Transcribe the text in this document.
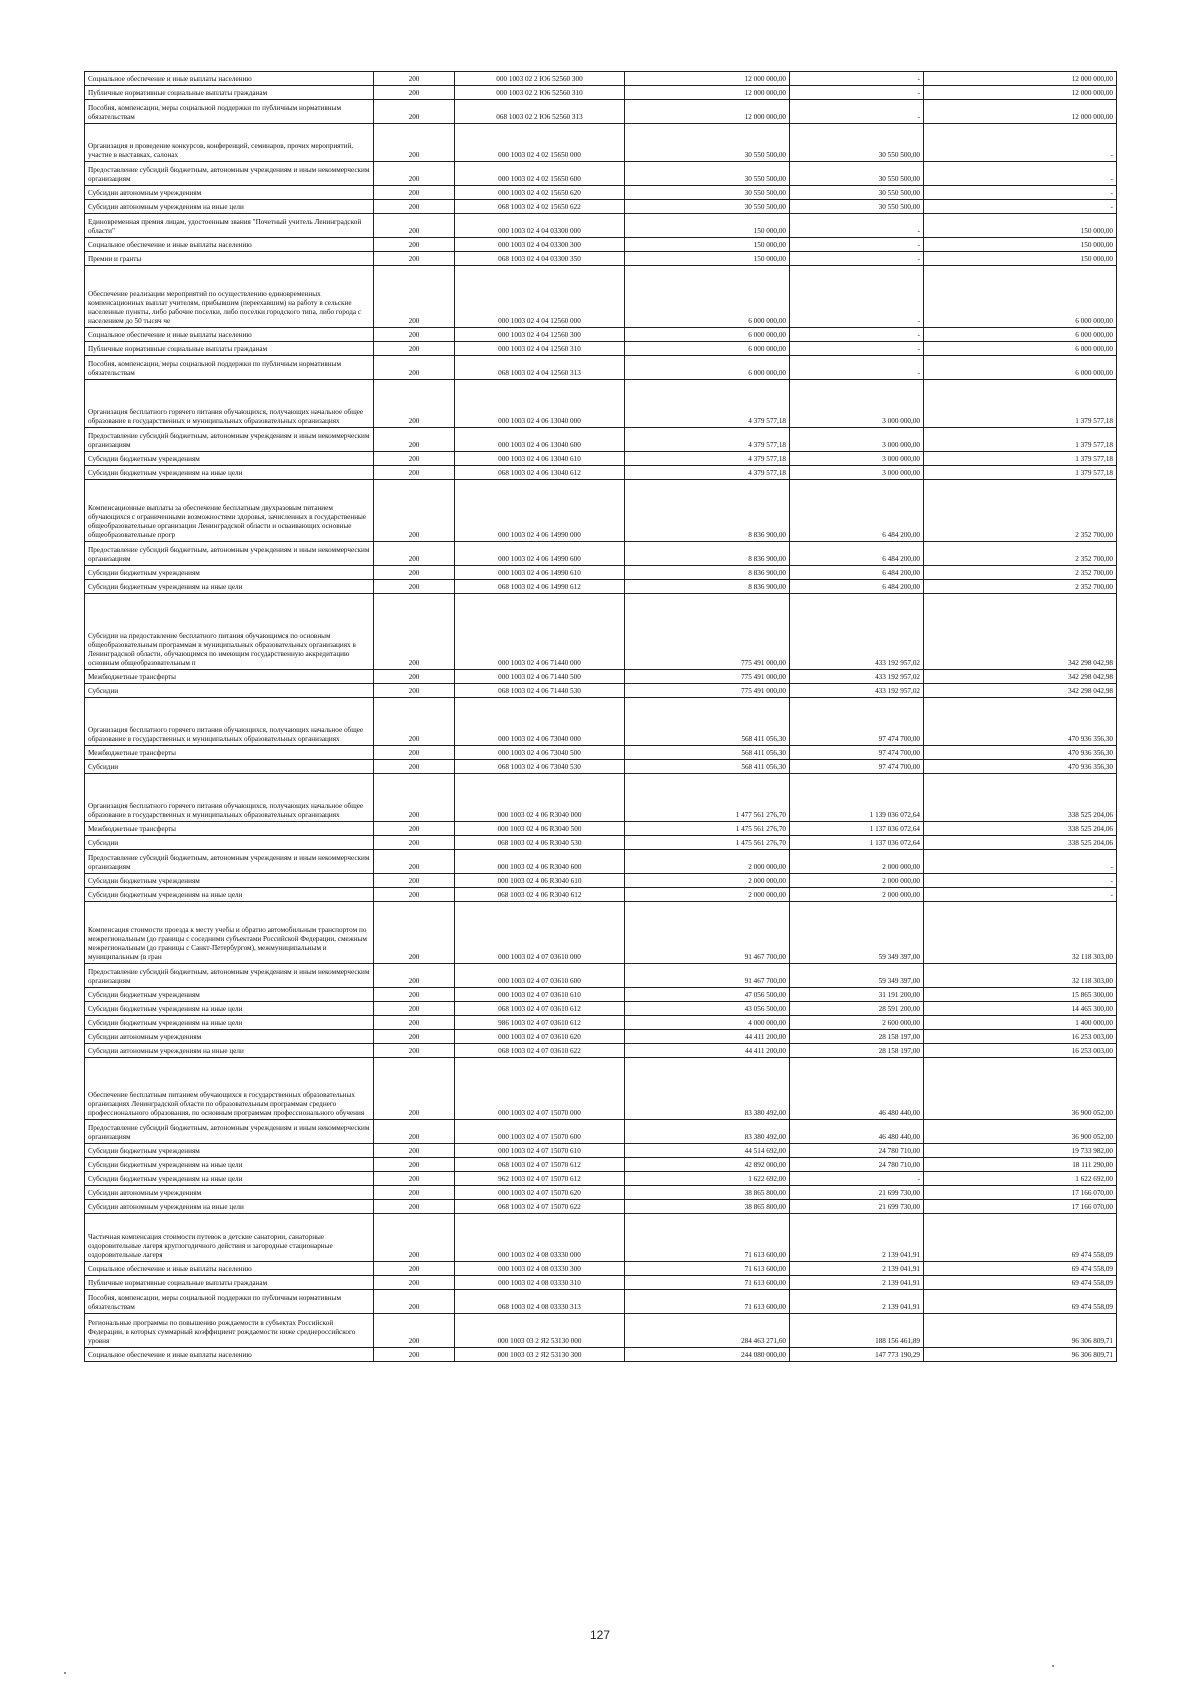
Социальное обеспечение и иные выплаты населению	200	000 1003 02 2 Ю6 52560 300	12 000 000,00	-	12 000 000,00
Публичные нормативные социальные выплаты гражданам	200	000 1003 02 2 Ю6 52560 310	12 000 000,00	-	12 000 000,00
Пособия, компенсации, меры социальной поддержки по публичным нормативным обязательствам	200	068 1003 02 2 Ю6 52560 313	12 000 000,00	-	12 000 000,00
Организация и проведение конкурсов, конференций, семинаров, прочих мероприятий, участие в выставках, салонах	200	000 1003 02 4 02 15650 000	30 550 500,00	30 550 500,00	-
Предоставление субсидий бюджетным, автономным учреждениям и иным некоммерческим организациям	200	000 1003 02 4 02 15650 600	30 550 500,00	30 550 500,00	-
Субсидии автономным учреждениям	200	000 1003 02 4 02 15650 620	30 550 500,00	30 550 500,00	-
Субсидии автономным учреждениям на иные цели	200	068 1003 02 4 02 15650 622	30 550 500,00	30 550 500,00	-
Единовременная премия лицам, удостоенным звания "Почетный учитель Ленинградской области"	200	000 1003 02 4 04 03300 000	150 000,00	-	150 000,00
Социальное обеспечение и иные выплаты населению	200	000 1003 02 4 04 03300 300	150 000,00	-	150 000,00
Премии и гранты	200	068 1003 02 4 04 03300 350	150 000,00	-	150 000,00
Обеспечение реализации мероприятий по осуществлению единовременных компенсационных выплат учителям, прибывшим (переехавшим) на работу в сельские населенные пункты, либо рабочие поселки, либо поселки городского типа, либо города с населением до 50 тысяч че	200	000 1003 02 4 04 12560 000	6 000 000,00	-	6 000 000,00
Социальное обеспечение и иные выплаты населению	200	000 1003 02 4 04 12560 300	6 000 000,00	-	6 000 000,00
Публичные нормативные социальные выплаты гражданам	200	000 1003 02 4 04 12560 310	6 000 000,00	-	6 000 000,00
Пособия, компенсации, меры социальной поддержки по публичным нормативным обязательствам	200	068 1003 02 4 04 12560 313	6 000 000,00	-	6 000 000,00
Организация бесплатного горячего питания обучающихся, получающих начальное общее образование в государственных и муниципальных образовательных организациях	200	000 1003 02 4 06 13040 000	4 379 577,18	3 000 000,00	1 379 577,18
Предоставление субсидий бюджетным, автономным учреждениям и иным некоммерческим организациям	200	000 1003 02 4 06 13040 600	4 379 577,18	3 000 000,00	1 379 577,18
Субсидии бюджетным учреждениям	200	000 1003 02 4 06 13040 610	4 379 577,18	3 000 000,00	1 379 577,18
Субсидии бюджетным учреждениям на иные цели	200	068 1003 02 4 06 13040 612	4 379 577,18	3 000 000,00	1 379 577,18
Компенсационные выплаты за обеспечение бесплатным двухразовым питанием обучающихся с ограниченными возможностями здоровья, зачисленных в государственные общеобразовательные организации Ленинградской области и осваивающих основные общеобразовательные прогр	200	000 1003 02 4 06 14990 000	8 836 900,00	6 484 200,00	2 352 700,00
Предоставление субсидий бюджетным, автономным учреждениям и иным некоммерческим организациям	200	000 1003 02 4 06 14990 600	8 836 900,00	6 484 200,00	2 352 700,00
Субсидии бюджетным учреждениям	200	000 1003 02 4 06 14990 610	8 836 900,00	6 484 200,00	2 352 700,00
Субсидии бюджетным учреждениям на иные цели	200	068 1003 02 4 06 14990 612	8 836 900,00	6 484 200,00	2 352 700,00
Субсидии на предоставление бесплатного питания обучающимся по основным общеобразовательным программам в муниципальных образовательных организациях в Ленинградской области, обучающимся по имеющим государственную аккредитацию основным общеобразовательным п	200	000 1003 02 4 06 71440 000	775 491 000,00	433 192 957,02	342 298 042,98
Межбюджетные трансферты	200	000 1003 02 4 06 71440 500	775 491 000,00	433 192 957,02	342 298 042,98
Субсидии	200	068 1003 02 4 06 71440 530	775 491 000,00	433 192 957,02	342 298 042,98
Организация бесплатного горячего питания обучающихся, получающих начальное общее образование в государственных и муниципальных образовательных организациях	200	000 1003 02 4 06 73040 000	568 411 056,30	97 474 700,00	470 936 356,30
Межбюджетные трансферты	200	000 1003 02 4 06 73040 500	568 411 056,30	97 474 700,00	470 936 356,30
Субсидии	200	068 1003 02 4 06 73040 530	568 411 056,30	97 474 700,00	470 936 356,30
Организация бесплатного горячего питания обучающихся, получающих начальное общее образование в государственных и муниципальных образовательных организациях	200	000 1003 02 4 06 R3040 000	1 477 561 276,70	1 139 036 072,64	338 525 204,06
Межбюджетные трансферты	200	000 1003 02 4 06 R3040 500	1 475 561 276,70	1 137 036 072,64	338 525 204,06
Субсидии	200	068 1003 02 4 06 R3040 530	1 475 561 276,70	1 137 036 072,64	338 525 204,06
Предоставление субсидий бюджетным, автономным учреждениям и иным некоммерческим организациям	200	000 1003 02 4 06 R3040 600	2 000 000,00	2 000 000,00	-
Субсидии бюджетным учреждениям	200	000 1003 02 4 06 R3040 610	2 000 000,00	2 000 000,00	-
Субсидии бюджетным учреждениям на иные цели	200	068 1003 02 4 06 R3040 612	2 000 000,00	2 000 000,00	-
Компенсация стоимости проезда к месту учебы и обратно автомобильным транспортом по межрегиональным (до границы с соседними субъектами Российской Федерации, смежным межрегиональным (до границы с Санкт-Петербургом), межмуниципальным и муниципальным (в гран	200	000 1003 02 4 07 03610 000	91 467 700,00	59 349 397,00	32 118 303,00
Предоставление субсидий бюджетным, автономным учреждениям и иным некоммерческим организациям	200	000 1003 02 4 07 03610 600	91 467 700,00	59 349 397,00	32 118 303,00
Субсидии бюджетным учреждениям	200	000 1003 02 4 07 03610 610	47 056 500,00	31 191 200,00	15 865 300,00
Субсидии бюджетным учреждениям на иные цели	200	068 1003 02 4 07 03610 612	43 056 500,00	28 591 200,00	14 465 300,00
Субсидии бюджетным учреждениям на иные цели	200	986 1003 02 4 07 03610 612	4 000 000,00	2 600 000,00	1 400 000,00
Субсидии автономным учреждениям	200	000 1003 02 4 07 03610 620	44 411 200,00	28 158 197,00	16 253 003,00
Субсидии автономным учреждениям на иные цели	200	068 1003 02 4 07 03610 622	44 411 200,00	28 158 197,00	16 253 003,00
Обеспечение бесплатным питанием обучающихся в государственных образовательных организациях Ленинградской области по образовательным программам среднего профессионального образования, по основным программам профессионального обучения	200	000 1003 02 4 07 15070 000	83 380 492,00	46 480 440,00	36 900 052,00
Предоставление субсидий бюджетным, автономным учреждениям и иным некоммерческим организациям	200	000 1003 02 4 07 15070 600	83 380 492,00	46 480 440,00	36 900 052,00
Субсидии бюджетным учреждениям	200	000 1003 02 4 07 15070 610	44 514 692,00	24 780 710,00	19 733 982,00
Субсидии бюджетным учреждениям на иные цели	200	068 1003 02 4 07 15070 612	42 892 000,00	24 780 710,00	18 111 290,00
Субсидии бюджетным учреждениям на иные цели	200	962 1003 02 4 07 15070 612	1 622 692,00	-	1 622 692,00
Субсидии автономным учреждениям	200	000 1003 02 4 07 15070 620	38 865 800,00	21 699 730,00	17 166 070,00
Субсидии автономным учреждениям на иные цели	200	068 1003 02 4 07 15070 622	38 865 800,00	21 699 730,00	17 166 070,00
Частичная компенсация стоимости путевок в детские санатории, санаторные оздоровительные лагеря круглогодичного действия и загородные стационарные оздоровительные лагеря	200	000 1003 02 4 08 03330 000	71 613 600,00	2 139 041,91	69 474 558,09
Социальное обеспечение и иные выплаты населению	200	000 1003 02 4 08 03330 300	71 613 600,00	2 139 041,91	69 474 558,09
Публичные нормативные социальные выплаты гражданам	200	000 1003 02 4 08 03330 310	71 613 600,00	2 139 041,91	69 474 558,09
Пособия, компенсации, меры социальной поддержки по публичным нормативным обязательствам	200	068 1003 02 4 08 03330 313	71 613 600,00	2 139 041,91	69 474 558,09
Региональные программы по повышению рождаемости в субъектах Российской Федерации, в которых суммарный коэффициент рождаемости ниже среднероссийского уровня	200	000 1003 03 2 Я2 53130 000	284 463 271,60	188 156 461,89	96 306 809,71
Социальное обеспечение и иные выплаты населению	200	000 1003 03 2 Я2 53130 300	244 080 000,00	147 773 190,29	96 306 809,71
127
